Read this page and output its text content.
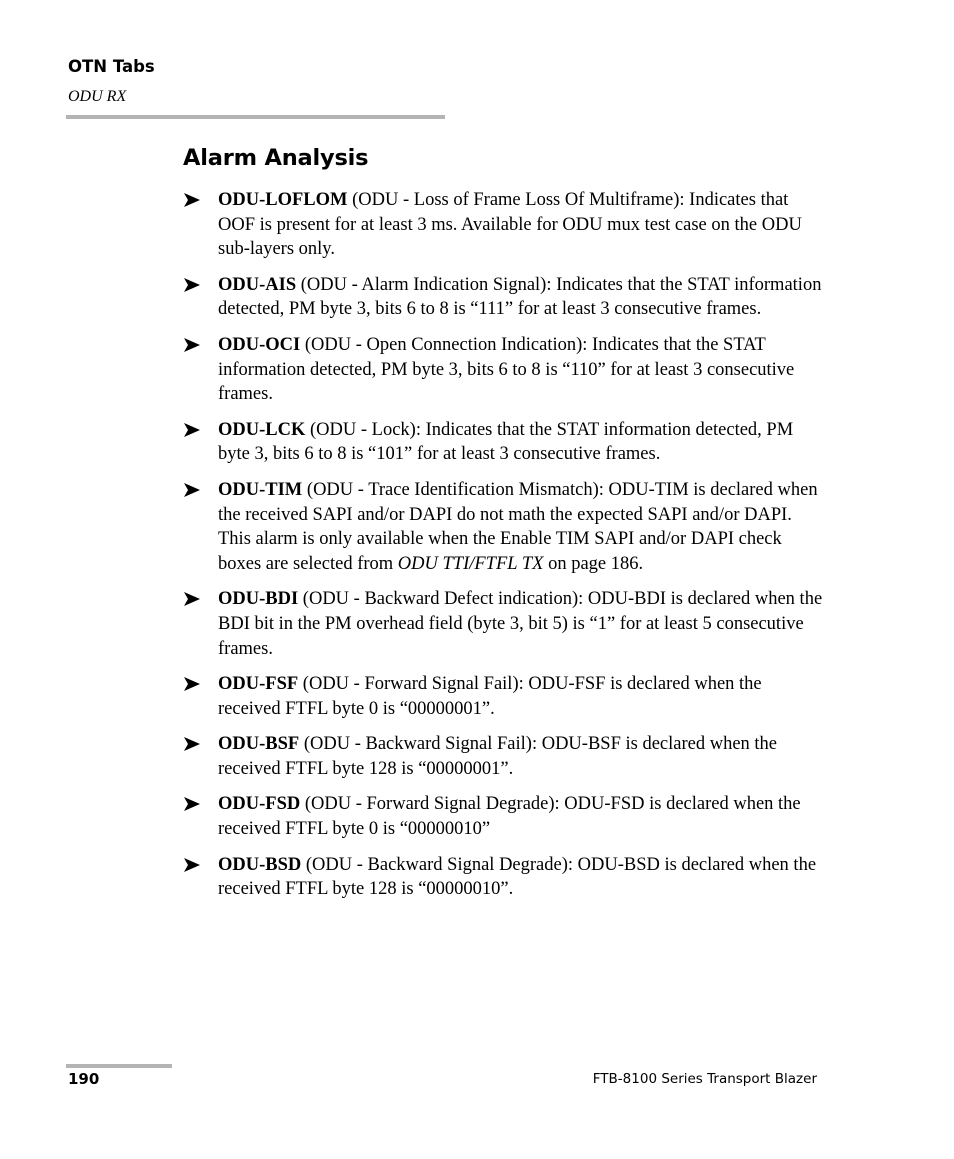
OTN Tabs
ODU RX
Alarm Analysis
ODU-LOFLOM (ODU - Loss of Frame Loss Of Multiframe): Indicates that OOF is present for at least 3 ms. Available for ODU mux test case on the ODU sub-layers only.
ODU-AIS (ODU - Alarm Indication Signal): Indicates that the STAT information detected, PM byte 3, bits 6 to 8 is “111” for at least 3 consecutive frames.
ODU-OCI (ODU - Open Connection Indication): Indicates that the STAT information detected, PM byte 3, bits 6 to 8 is “110” for at least 3 consecutive frames.
ODU-LCK (ODU - Lock): Indicates that the STAT information detected, PM byte 3, bits 6 to 8 is “101” for at least 3 consecutive frames.
ODU-TIM (ODU - Trace Identification Mismatch): ODU-TIM is declared when the received SAPI and/or DAPI do not math the expected SAPI and/or DAPI. This alarm is only available when the Enable TIM SAPI and/or DAPI check boxes are selected from ODU TTI/FTFL TX on page 186.
ODU-BDI (ODU - Backward Defect indication): ODU-BDI is declared when the BDI bit in the PM overhead field (byte 3, bit 5) is “1” for at least 5 consecutive frames.
ODU-FSF (ODU - Forward Signal Fail): ODU-FSF is declared when the received FTFL byte 0 is “00000001”.
ODU-BSF (ODU - Backward Signal Fail): ODU-BSF is declared when the received FTFL byte 128 is “00000001”.
ODU-FSD (ODU - Forward Signal Degrade): ODU-FSD is declared when the received FTFL byte 0 is “00000010”
ODU-BSD (ODU - Backward Signal Degrade): ODU-BSD is declared when the received FTFL byte 128 is “00000010”.
190	FTB-8100 Series Transport Blazer
